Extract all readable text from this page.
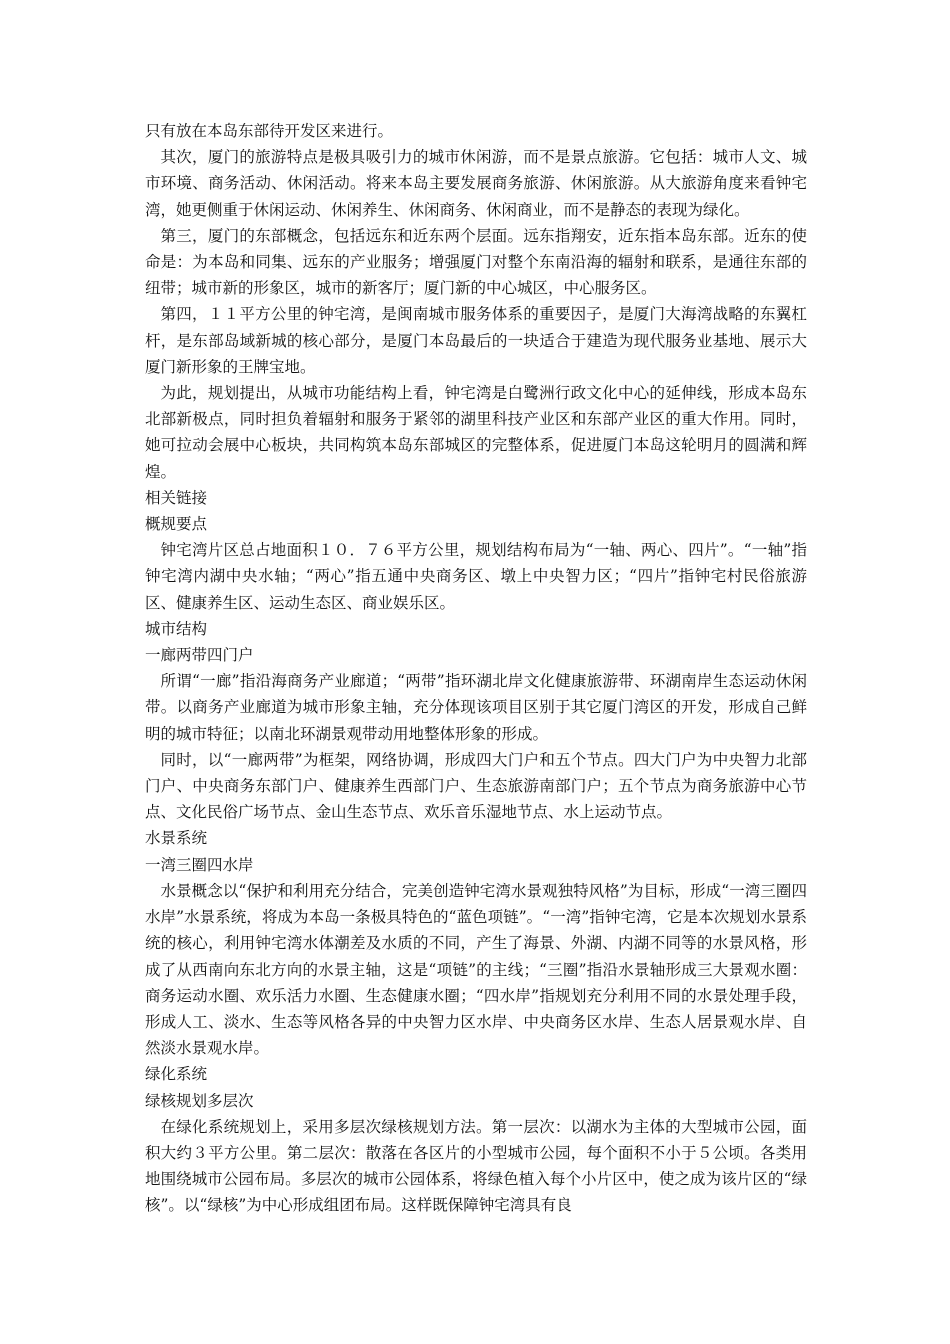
只有放在本岛东部待开发区来进行。

其次，厦门的旅游特点是极具吸引力的城市休闲游，而不是景点旅游。它包括：城市人文、城市环境、商务活动、休闲活动。将来本岛主要发展商务旅游、休闲旅游。从大旅游角度来看钟宅湾，她更侧重于休闲运动、休闲养生、休闲商务、休闲商业，而不是静态的表现为绿化。

第三，厦门的东部概念，包括远东和近东两个层面。远东指翔安，近东指本岛东部。近东的使命是：为本岛和同集、远东的产业服务；增强厦门对整个东南沿海的辐射和联系，是通往东部的纽带；城市新的形象区，城市的新客厅；厦门新的中心城区，中心服务区。

第四，１１平方公里的钟宅湾，是闽南城市服务体系的重要因子，是厦门大海湾战略的东翼杠杆，是东部岛域新城的核心部分，是厦门本岛最后的一块适合于建造为现代服务业基地、展示大厦门新形象的王牌宝地。

为此，规划提出，从城市功能结构上看，钟宅湾是白鹭洲行政文化中心的延伸线，形成本岛东北部新极点，同时担负着辐射和服务于紧邻的湖里科技产业区和东部产业区的重大作用。同时，她可拉动会展中心板块，共同构筑本岛东部城区的完整体系，促进厦门本岛这轮明月的圆满和辉煌。

相关链接

概规要点

钟宅湾片区总占地面积１０．７６平方公里，规划结构布局为“一轴、两心、四片”。“一轴”指钟宅湾内湖中央水轴；“两心”指五通中央商务区、墩上中央智力区；“四片”指钟宅村民俗旅游区、健康养生区、运动生态区、商业娱乐区。

城市结构

一廊两带四门户

所谓“一廊”指沿海商务产业廊道；“两带”指环湖北岸文化健康旅游带、环湖南岸生态运动休闲带。以商务产业廊道为城市形象主轴，充分体现该项目区别于其它厦门湾区的开发，形成自己鲜明的城市特征；以南北环湖景观带动用地整体形象的形成。

同时，以“一廊两带”为框架，网络协调，形成四大门户和五个节点。四大门户为中央智力北部门户、中央商务东部门户、健康养生西部门户、生态旅游南部门户；五个节点为商务旅游中心节点、文化民俗广场节点、金山生态节点、欢乐音乐湿地节点、水上运动节点。

水景系统

一湾三圈四水岸

水景概念以“保护和利用充分结合，完美创造钟宅湾水景观独特风格”为目标，形成“一湾三圈四水岸”水景系统，将成为本岛一条极具特色的“蓝色项链”。“一湾”指钟宅湾，它是本次规划水景系统的核心，利用钟宅湾水体潮差及水质的不同，产生了海景、外湖、内湖不同等的水景风格，形成了从西南向东北方向的水景主轴，这是“项链”的主线；“三圈”指沿水景轴形成三大景观水圈：商务运动水圈、欢乐活力水圈、生态健康水圈；“四水岸”指规划充分利用不同的水景处理手段，形成人工、淡水、生态等风格各异的中央智力区水岸、中央商务区水岸、生态人居景观水岸、自然淡水景观水岸。

绿化系统

绿核规划多层次

在绿化系统规划上，采用多层次绿核规划方法。第一层次：以湖水为主体的大型城市公园，面积大约３平方公里。第二层次：散落在各区片的小型城市公园，每个面积不小于５公顷。各类用地围绕城市公园布局。多层次的城市公园体系，将绿色植入每个小片区中，使之成为该片区的“绿核”。以“绿核”为中心形成组团布局。这样既保障钟宅湾具有良
